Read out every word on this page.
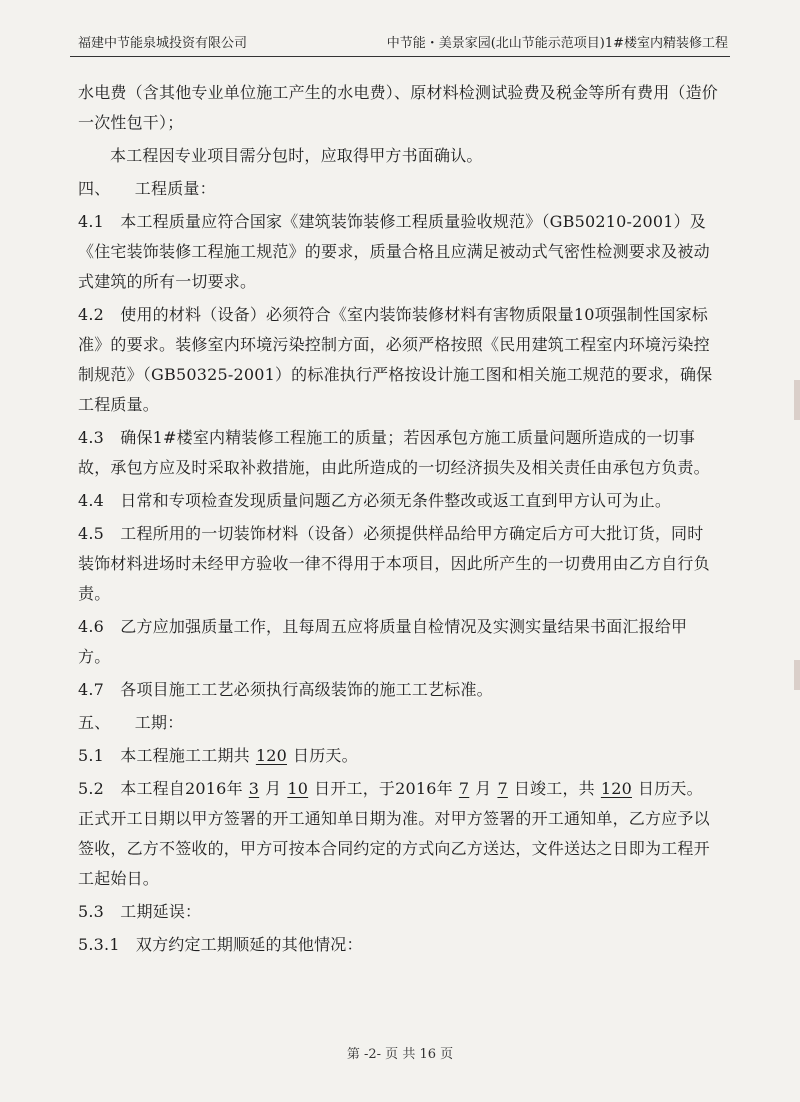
福建中节能泉城投资有限公司	中节能・美景家园(北山节能示范项目)1#楼室内精装修工程

水电费（含其他专业单位施工产生的水电费）、原材料检测试验费及税金等所有费用（造价一次性包干）；

本工程因专业项目需分包时，应取得甲方书面确认。

四、　　工程质量：

4.1　本工程质量应符合国家《建筑装饰装修工程质量验收规范》（GB50210-2001）及《住宅装饰装修工程施工规范》的要求，质量合格且应满足被动式气密性检测要求及被动式建筑的所有一切要求。

4.2　使用的材料（设备）必须符合《室内装饰装修材料有害物质限量10项强制性国家标准》的要求。装修室内环境污染控制方面，必须严格按照《民用建筑工程室内环境污染控制规范》（GB50325-2001）的标准执行严格按设计施工图和相关施工规范的要求，确保工程质量。

4.3　确保1#楼室内精装修工程施工的质量；若因承包方施工质量问题所造成的一切事故，承包方应及时采取补救措施，由此所造成的一切经济损失及相关责任由承包方负责。

4.4　日常和专项检查发现质量问题乙方必须无条件整改或返工直到甲方认可为止。

4.5　工程所用的一切装饰材料（设备）必须提供样品给甲方确定后方可大批订货，同时装饰材料进场时未经甲方验收一律不得用于本项目，因此所产生的一切费用由乙方自行负责。

4.6　乙方应加强质量工作，且每周五应将质量自检情况及实测实量结果书面汇报给甲方。

4.7　各项目施工工艺必须执行高级装饰的施工工艺标准。

五、　　工期：

5.1　本工程施工工期共 120 日历天。

5.2　本工程自2016年 3 月 10 日开工，于2016年 7 月 7 日竣工，共 120 日历天。正式开工日期以甲方签署的开工通知单日期为准。对甲方签署的开工通知单，乙方应予以签收，乙方不签收的，甲方可按本合同约定的方式向乙方送达，文件送达之日即为工程开工起始日。

5.3　工期延误：

5.3.1　双方约定工期顺延的其他情况：

第 -2- 页 共 16 页
